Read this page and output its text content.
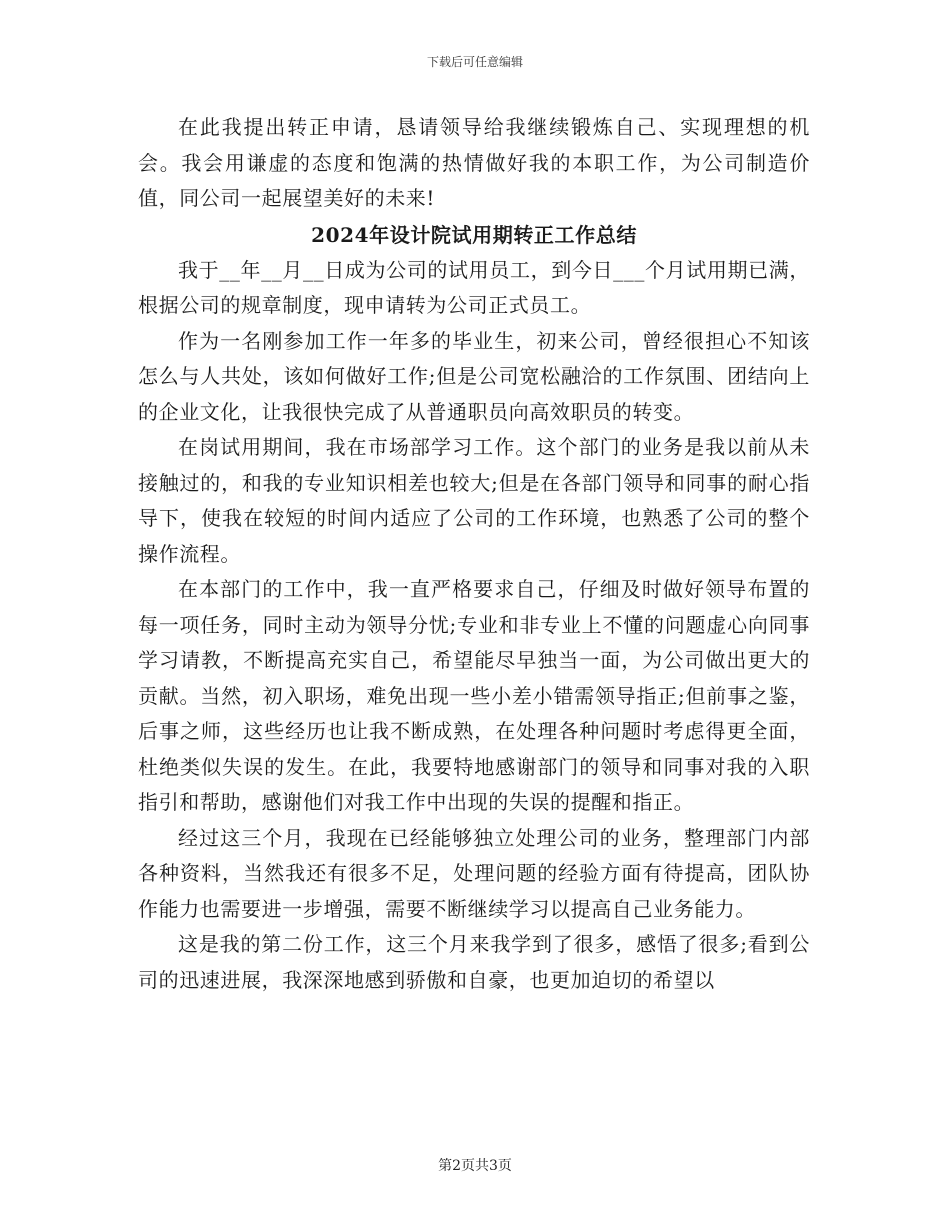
下载后可任意编辑

在此我提出转正申请，恳请领导给我继续锻炼自己、实现理想的机会。我会用谦虚的态度和饱满的热情做好我的本职工作，为公司制造价值，同公司一起展望美好的未来!

2024年设计院试用期转正工作总结

我于__年__月__日成为公司的试用员工，到今日___个月试用期已满，根据公司的规章制度，现申请转为公司正式员工。

作为一名刚参加工作一年多的毕业生，初来公司，曾经很担心不知该怎么与人共处，该如何做好工作;但是公司宽松融洽的工作氛围、团结向上的企业文化，让我很快完成了从普通职员向高效职员的转变。

在岗试用期间，我在市场部学习工作。这个部门的业务是我以前从未接触过的，和我的专业知识相差也较大;但是在各部门领导和同事的耐心指导下，使我在较短的时间内适应了公司的工作环境，也熟悉了公司的整个操作流程。

在本部门的工作中，我一直严格要求自己，仔细及时做好领导布置的每一项任务，同时主动为领导分忧;专业和非专业上不懂的问题虚心向同事学习请教，不断提高充实自己，希望能尽早独当一面，为公司做出更大的贡献。当然，初入职场，难免出现一些小差小错需领导指正;但前事之鉴，后事之师，这些经历也让我不断成熟，在处理各种问题时考虑得更全面，杜绝类似失误的发生。在此，我要特地感谢部门的领导和同事对我的入职指引和帮助，感谢他们对我工作中出现的失误的提醒和指正。

经过这三个月，我现在已经能够独立处理公司的业务，整理部门内部各种资料，当然我还有很多不足，处理问题的经验方面有待提高，团队协作能力也需要进一步增强，需要不断继续学习以提高自己业务能力。

这是我的第二份工作，这三个月来我学到了很多，感悟了很多;看到公司的迅速进展，我深深地感到骄傲和自豪，也更加迫切的希望以

第2页共3页
